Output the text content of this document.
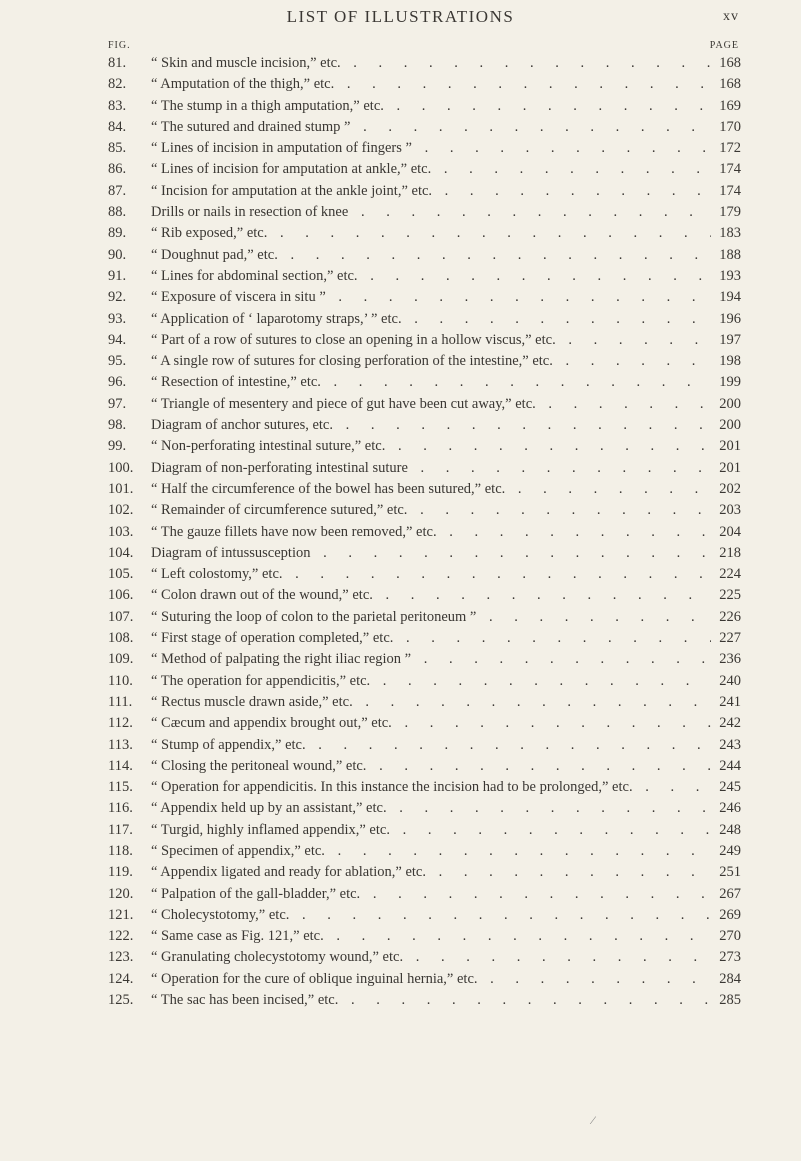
LIST OF ILLUSTRATIONS	xv
FIG.	PAGE
81. “ Skin and muscle incision,” etc. . . .	168
82. “ Amputation of the thigh,” etc. . . .	168
83. “ The stump in a thigh amputation,” etc. . . .	169
84. “ The sutured and drained stump ” . . .	170
85. “ Lines of incision in amputation of fingers ” . . .	172
86. “ Lines of incision for amputation at ankle,” etc. . . .	174
87. “ Incision for amputation at the ankle joint,” etc. . . .	174
88. Drills or nails in resection of knee . . .	179
89. “ Rib exposed,” etc. . . .	183
90. “ Doughnut pad,” etc. . . .	188
91. “ Lines for abdominal section,” etc. . . .	193
92. “ Exposure of viscera in situ ” . . .	194
93. “ Application of ‘ laparotomy straps,’ ” etc. . . .	196
94. “ Part of a row of sutures to close an opening in a hollow viscus,” etc. . . .	197
95. “ A single row of sutures for closing perforation of the intestine,” etc. . . .	198
96. “ Resection of intestine,” etc. . . .	199
97. “ Triangle of mesentery and piece of gut have been cut away,” etc. . . .	200
98. Diagram of anchor sutures, etc. . . .	200
99. “ Non-perforating intestinal suture,” etc. . . .	201
100. Diagram of non-perforating intestinal suture . . .	201
101. “ Half the circumference of the bowel has been sutured,” etc. . . .	202
102. “ Remainder of circumference sutured,” etc. . . .	203
103. “ The gauze fillets have now been removed,” etc. . . .	204
104. Diagram of intussusception . . .	218
105. “ Left colostomy,” etc. . . .	224
106. “ Colon drawn out of the wound,” etc. . . .	225
107. “ Suturing the loop of colon to the parietal peritoneum ” . . .	226
108. “ First stage of operation completed,” etc. . . .	227
109. “ Method of palpating the right iliac region ” . . .	236
110. “ The operation for appendicitis,” etc. . . .	240
111. “ Rectus muscle drawn aside,” etc. . . .	241
112. “ Cæcum and appendix brought out,” etc. . . .	242
113. “ Stump of appendix,” etc. . . .	243
114. “ Closing the peritoneal wound,” etc. . . .	244
115. “ Operation for appendicitis. In this instance the incision had to be prolonged,” etc. . . .	245
116. “ Appendix held up by an assistant,” etc. . . .	246
117. “ Turgid, highly inflamed appendix,” etc. . . .	248
118. “ Specimen of appendix,” etc. . . .	249
119. “ Appendix ligated and ready for ablation,” etc. . . .	251
120. “ Palpation of the gall-bladder,” etc. . . .	267
121. “ Cholecystotomy,” etc. . . .	269
122. “ Same case as Fig. 121,” etc. . . .	270
123. “ Granulating cholecystotomy wound,” etc. . . .	273
124. “ Operation for the cure of oblique inguinal hernia,” etc. . . .	284
125. “ The sac has been incised,” etc. . . .	285
⁄
